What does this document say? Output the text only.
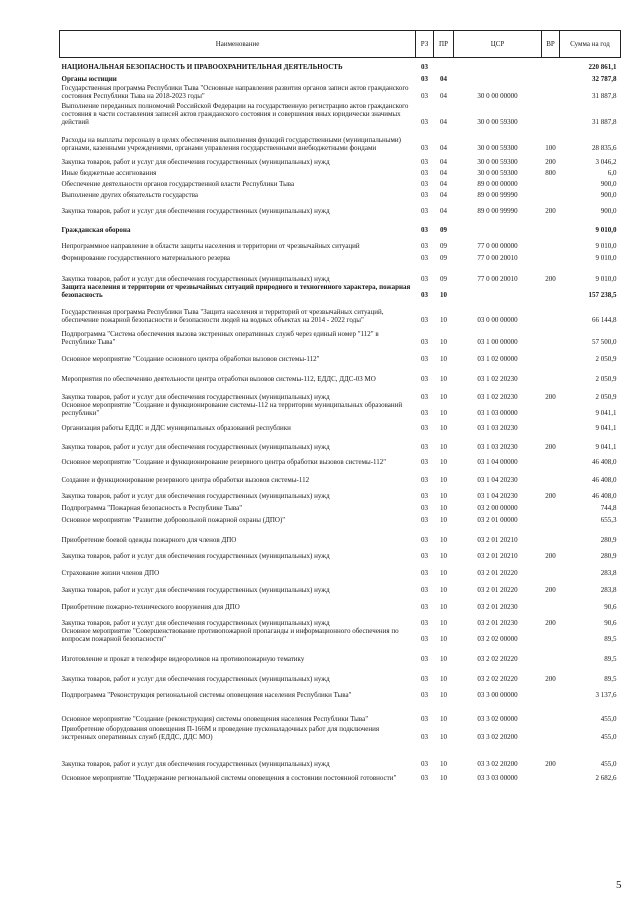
Наименование	РЗ	ПР	ЦСР	ВР	Сумма на год
НАЦИОНАЛЬНАЯ БЕЗОПАСНОСТЬ И ПРАВООХРАНИТЕЛЬНАЯ ДЕЯТЕЛЬНОСТЬ	03				220 861,1
Органы юстиции	03	04			32 787,8
Государственная программа Республики Тыва "Основные направления развития органов записи актов гражданского состояния Республики Тыва на 2018-2023 годы"	03	04	30 0 00 00000		31 887,8
Выполнение переданных полномочий Российской Федерации на государственную регистрацию актов гражданского состояния в части составления записей актов гражданского состояния и совершения иных юридически значимых действий	03	04	30 0 00 59300		31 887,8
Расходы на выплаты персоналу в целях обеспечения выполнения функций государственными (муниципальными) органами, казенными учреждениями, органами управления государственными внебюджетными фондами	03	04	30 0 00 59300	100	28 835,6
Закупка товаров, работ и услуг для обеспечения государственных (муниципальных) нужд	03	04	30 0 00 59300	200	3 046,2
Иные бюджетные ассигнования	03	04	30 0 00 59300	800	6,0
Обеспечение деятельности органов государственной власти Республики Тыва	03	04	89 0 00 00000		900,0
Выполнение других обязательств государства	03	04	89 0 00 99990		900,0
Закупка товаров, работ и услуг для обеспечения государственных (муниципальных) нужд	03	04	89 0 00 99990	200	900,0
Гражданская оборона	03	09			9 010,0
Непрограммное направление в области защиты населения и территории от чрезвычайных ситуаций	03	09	77 0 00 00000		9 010,0
Формирование государственного материального резерва	03	09	77 0 00 20010		9 010,0
Закупка товаров, работ и услуг для обеспечения государственных (муниципальных) нужд	03	09	77 0 00 20010	200	9 010,0
Защита населения и территории от чрезвычайных ситуаций природного и техногенного характера, пожарная безопасность	03	10			157 238,5
Государственная программа Республики Тыва "Защита населения и территорий от чрезвычайных ситуаций, обеспечение пожарной безопасности и безопасности людей на водных объектах на 2014 - 2022 годы"	03	10	03 0 00 00000		66 144,8
Подпрограмма "Система обеспечения вызова экстренных оперативных служб через единый номер "112" в Республике Тыва"	03	10	03 1 00 00000		57 500,0
Основное мероприятие "Создание основного центра обработки вызовов системы-112"	03	10	03 1 02 00000		2 050,9
Мероприятия по обеспечению деятельности центра отработки вызовов системы-112, ЕДДС, ДДС-03 МО	03	10	03 1 02 20230		2 050,9
Закупка товаров, работ и услуг для обеспечения государственных (муниципальных) нужд	03	10	03 1 02 20230	200	2 050,9
Основное мероприятие "Создание и функционирование системы-112 на территории муниципальных образований республики"	03	10	03 1 03 00000		9 041,1
Организация работы ЕДДС и ДДС муниципальных образований республики	03	10	03 1 03 20230		9 041,1
Закупка товаров, работ и услуг для обеспечения государственных (муниципальных) нужд	03	10	03 1 03 20230	200	9 041,1
Основное мероприятие "Создание и функционирование резервного центра обработки вызовов системы-112"	03	10	03 1 04 00000		46 408,0
Создание и функционирование резервного центра обработки вызовов системы-112	03	10	03 1 04 20230		46 408,0
Закупка товаров, работ и услуг для обеспечения государственных (муниципальных) нужд	03	10	03 1 04 20230	200	46 408,0
Подпрограмма "Пожарная безопасность в Республике Тыва"	03	10	03 2 00 00000		744,8
Основное мероприятие "Развитие добровольной пожарной охраны (ДПО)"	03	10	03 2 01 00000		655,3
Приобретение боевой одежды пожарного для членов ДПО	03	10	03 2 01 20210		280,9
Закупка товаров, работ и услуг для обеспечения государственных (муниципальных) нужд	03	10	03 2 01 20210	200	280,9
Страхование жизни членов ДПО	03	10	03 2 01 20220		283,8
Закупка товаров, работ и услуг для обеспечения государственных (муниципальных) нужд	03	10	03 2 01 20220	200	283,8
Приобретение пожарно-технического вооружения для ДПО	03	10	03 2 01 20230		90,6
Закупка товаров, работ и услуг для обеспечения государственных (муниципальных) нужд	03	10	03 2 01 20230	200	90,6
Основное мероприятие "Совершенствование противопожарной пропаганды и информационного обеспечения по вопросам пожарной безопасности"	03	10	03 2 02 00000		89,5
Изготовление и прокат в телеэфире видеороликов на противопожарную тематику	03	10	03 2 02 20220		89,5
Закупка товаров, работ и услуг для обеспечения государственных (муниципальных) нужд	03	10	03 2 02 20220	200	89,5
Подпрограмма "Реконструкция региональной системы оповещения населения Республики Тыва"	03	10	03 3 00 00000		3 137,6
Основное мероприятие "Создание (реконструкция) системы оповещения населения Республики Тыва"	03	10	03 3 02 00000		455,0
Приобретение оборудования оповещения П-166М и проведение пусконаладочных работ для подключения экстренных оперативных служб (ЕДДС, ДДС МО)	03	10	03 3 02 20200		455,0
Закупка товаров, работ и услуг для обеспечения государственных (муниципальных) нужд	03	10	03 3 02 20200	200	455,0
Основное мероприятие "Поддержание региональной системы оповещения в состоянии постоянной готовности"	03	10	03 3 03 00000		2 682,6
5
